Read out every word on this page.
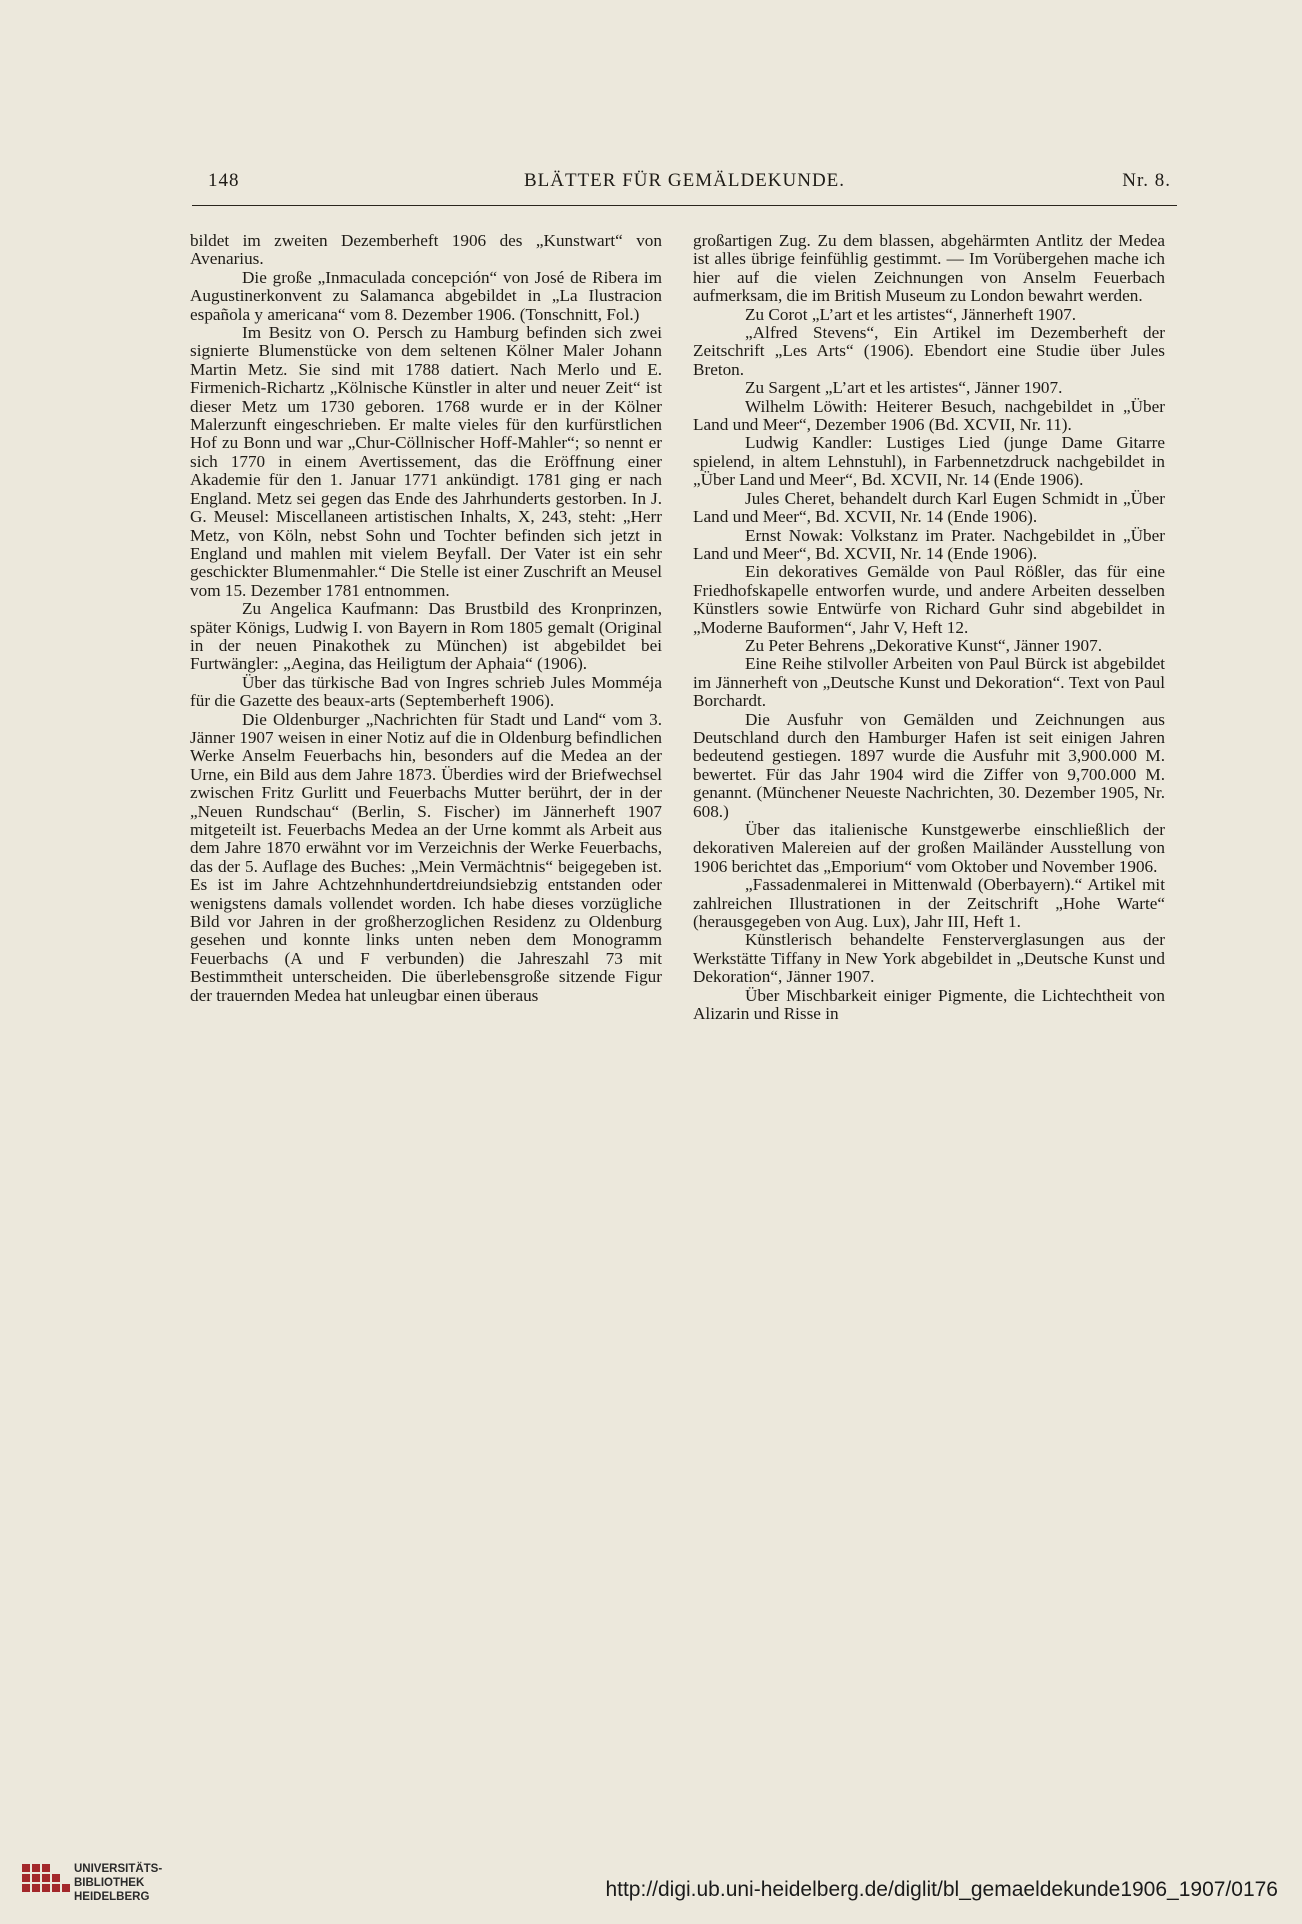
148	BLÄTTER FÜR GEMÄLDEKUNDE.	Nr. 8.

bildet im zweiten Dezemberheft 1906 des „Kunstwart“ von Avenarius.

Die große „Inmaculada concepción“ von José de Ribera im Augustinerkonvent zu Salamanca abgebildet in „La Ilustracion española y americana“ vom 8. Dezember 1906. (Tonschnitt, Fol.)

Im Besitz von O. Persch zu Hamburg befinden sich zwei signierte Blumenstücke von dem seltenen Kölner Maler Johann Martin Metz. Sie sind mit 1788 datiert. Nach Merlo und E. Firmenich-Richartz „Kölnische Künstler in alter und neuer Zeit“ ist dieser Metz um 1730 geboren. 1768 wurde er in der Kölner Malerzunft eingeschrieben. Er malte vieles für den kurfürstlichen Hof zu Bonn und war „Chur-Cöllnischer Hoff-Mahler“; so nennt er sich 1770 in einem Avertissement, das die Eröffnung einer Akademie für den 1. Januar 1771 ankündigt. 1781 ging er nach England. Metz sei gegen das Ende des Jahrhunderts gestorben. In J. G. Meusel: Miscellaneen artistischen Inhalts, X, 243, steht: „Herr Metz, von Köln, nebst Sohn und Tochter befinden sich jetzt in England und mahlen mit vielem Beyfall. Der Vater ist ein sehr geschickter Blumenmahler.“ Die Stelle ist einer Zuschrift an Meusel vom 15. Dezember 1781 entnommen.

Zu Angelica Kaufmann: Das Brustbild des Kronprinzen, später Königs, Ludwig I. von Bayern in Rom 1805 gemalt (Original in der neuen Pinakothek zu München) ist abgebildet bei Furtwängler: „Aegina, das Heiligtum der Aphaia“ (1906).

Über das türkische Bad von Ingres schrieb Jules Momméja für die Gazette des beaux-arts (Septemberheft 1906).

Die Oldenburger „Nachrichten für Stadt und Land“ vom 3. Jänner 1907 weisen in einer Notiz auf die in Oldenburg befindlichen Werke Anselm Feuerbachs hin, besonders auf die Medea an der Urne, ein Bild aus dem Jahre 1873. Überdies wird der Briefwechsel zwischen Fritz Gurlitt und Feuerbachs Mutter berührt, der in der „Neuen Rundschau“ (Berlin, S. Fischer) im Jännerheft 1907 mitgeteilt ist. Feuerbachs Medea an der Urne kommt als Arbeit aus dem Jahre 1870 erwähnt vor im Verzeichnis der Werke Feuerbachs, das der 5. Auflage des Buches: „Mein Vermächtnis“ beigegeben ist. Es ist im Jahre Achtzehnhundertdreiundsiebzig entstanden oder wenigstens damals vollendet worden. Ich habe dieses vorzügliche Bild vor Jahren in der großherzoglichen Residenz zu Oldenburg gesehen und konnte links unten neben dem Monogramm Feuerbachs (A und F verbunden) die Jahreszahl 73 mit Bestimmtheit unterscheiden. Die überlebensgroße sitzende Figur der trauernden Medea hat unleugbar einen überaus

großartigen Zug. Zu dem blassen, abgehärmten Antlitz der Medea ist alles übrige feinfühlig gestimmt. — Im Vorübergehen mache ich hier auf die vielen Zeichnungen von Anselm Feuerbach aufmerksam, die im British Museum zu London bewahrt werden.

Zu Corot „L’art et les artistes“, Jännerheft 1907.

„Alfred Stevens“, Ein Artikel im Dezemberheft der Zeitschrift „Les Arts“ (1906). Ebendort eine Studie über Jules Breton.

Zu Sargent „L’art et les artistes“, Jänner 1907.

Wilhelm Löwith: Heiterer Besuch, nachgebildet in „Über Land und Meer“, Dezember 1906 (Bd. XCVII, Nr. 11).

Ludwig Kandler: Lustiges Lied (junge Dame Gitarre spielend, in altem Lehnstuhl), in Farbennetzdruck nachgebildet in „Über Land und Meer“, Bd. XCVII, Nr. 14 (Ende 1906).

Jules Cheret, behandelt durch Karl Eugen Schmidt in „Über Land und Meer“, Bd. XCVII, Nr. 14 (Ende 1906).

Ernst Nowak: Volkstanz im Prater. Nachgebildet in „Über Land und Meer“, Bd. XCVII, Nr. 14 (Ende 1906).

Ein dekoratives Gemälde von Paul Rößler, das für eine Friedhofskapelle entworfen wurde, und andere Arbeiten desselben Künstlers sowie Entwürfe von Richard Guhr sind abgebildet in „Moderne Bauformen“, Jahr V, Heft 12.

Zu Peter Behrens „Dekorative Kunst“, Jänner 1907.

Eine Reihe stilvoller Arbeiten von Paul Bürck ist abgebildet im Jännerheft von „Deutsche Kunst und Dekoration“. Text von Paul Borchardt.

Die Ausfuhr von Gemälden und Zeichnungen aus Deutschland durch den Hamburger Hafen ist seit einigen Jahren bedeutend gestiegen. 1897 wurde die Ausfuhr mit 3,900.000 M. bewertet. Für das Jahr 1904 wird die Ziffer von 9,700.000 M. genannt. (Münchener Neueste Nachrichten, 30. Dezember 1905, Nr. 608.)

Über das italienische Kunstgewerbe einschließlich der dekorativen Malereien auf der großen Mailänder Ausstellung von 1906 berichtet das „Emporium“ vom Oktober und November 1906.

„Fassadenmalerei in Mittenwald (Oberbayern).“ Artikel mit zahlreichen Illustrationen in der Zeitschrift „Hohe Warte“ (herausgegeben von Aug. Lux), Jahr III, Heft 1.

Künstlerisch behandelte Fensterverglasungen aus der Werkstätte Tiffany in New York abgebildet in „Deutsche Kunst und Dekoration“, Jänner 1907.

Über Mischbarkeit einiger Pigmente, die Lichtechtheit von Alizarin und Risse in

UNIVERSITÄTS-
BIBLIOTHEK
HEIDELBERG	http://digi.ub.uni-heidelberg.de/diglit/bl_gemaeldekunde1906_1907/0176
